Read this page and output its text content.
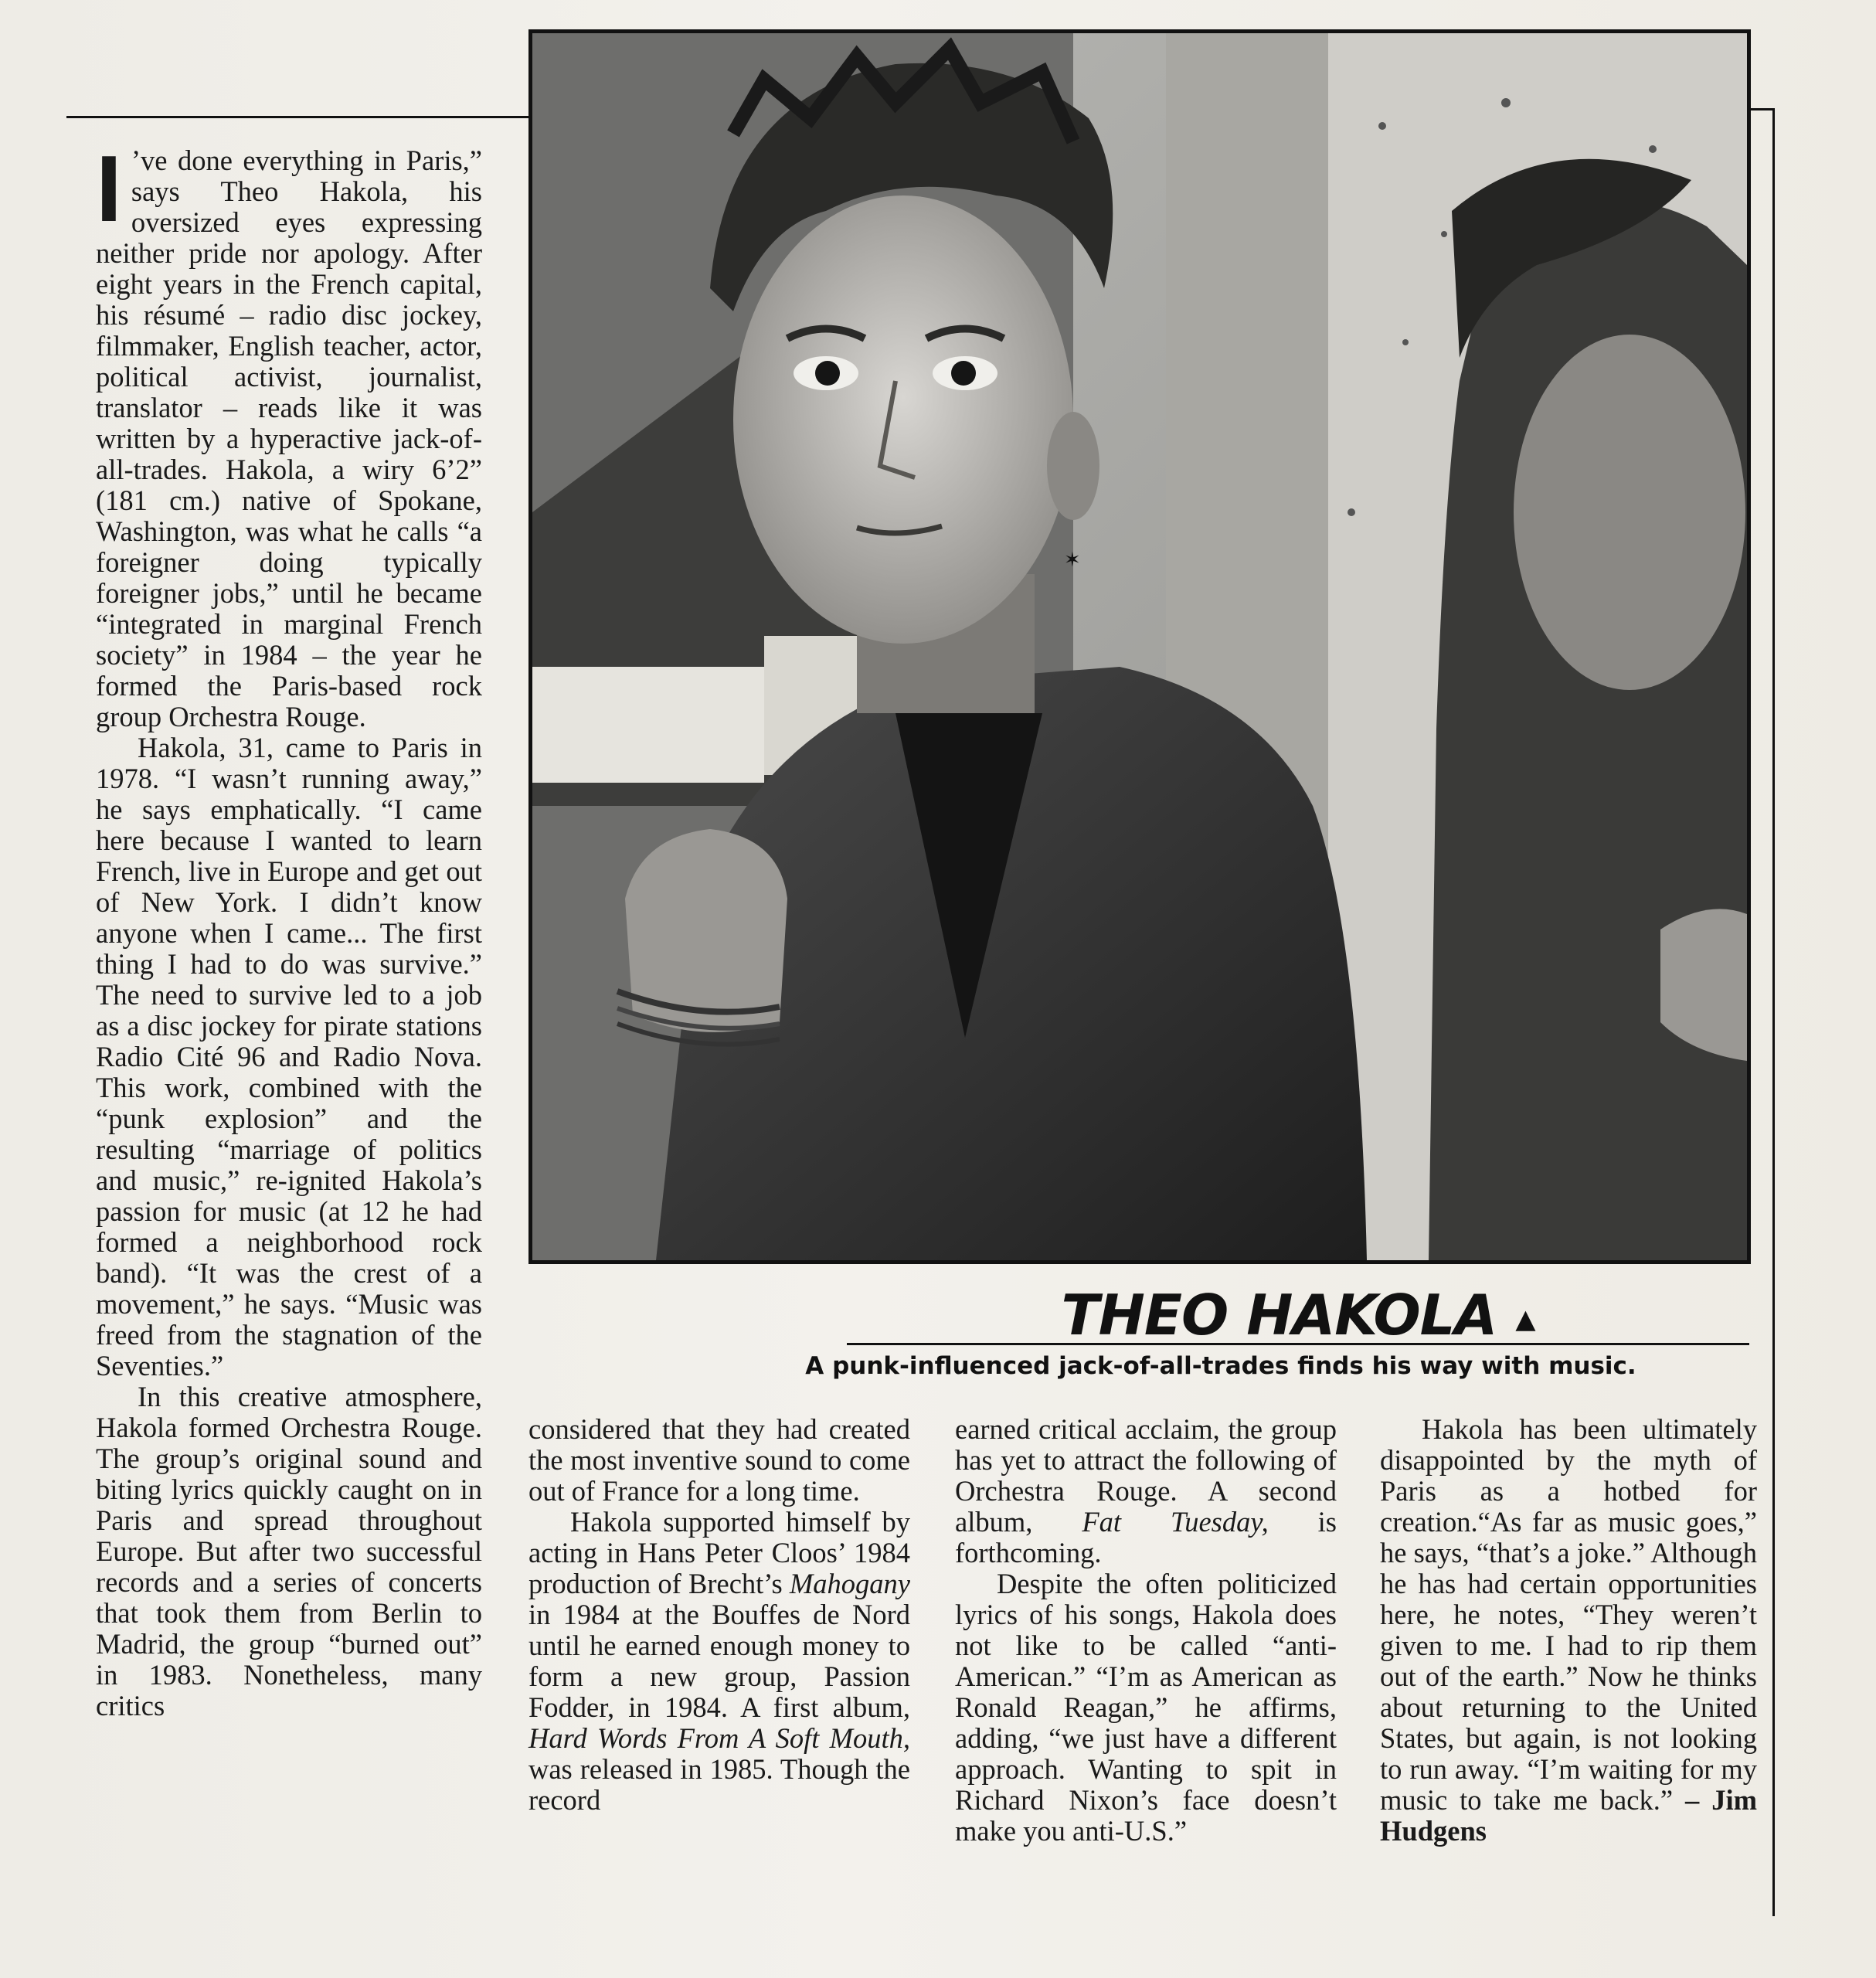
✶
THEO HAKOLA ▲

A punk-influenced jack-of-all-trades finds his way with music.

I ’ve done everything in Paris,” says Theo Hakola, his oversized eyes expressing neither pride nor apology. After eight years in the French capital, his résumé – radio disc jockey, filmmaker, English teacher, actor, political activist, journalist, translator – reads like it was written by a hyperactive jack-of-all-trades. Hakola, a wiry 6’2” (181 cm.) native of Spokane, Washington, was what he calls “a foreigner doing typically foreigner jobs,” until he became “integrated in marginal French society” in 1984 – the year he formed the Paris-based rock group Orchestra Rouge.

Hakola, 31, came to Paris in 1978. “I wasn’t running away,” he says emphatically. “I came here because I wanted to learn French, live in Europe and get out of New York. I didn’t know anyone when I came... The first thing I had to do was survive.” The need to survive led to a job as a disc jockey for pirate stations Radio Cité 96 and Radio Nova. This work, combined with the “punk explosion” and the resulting “marriage of politics and music,” re-ignited Hakola’s passion for music (at 12 he had formed a neighborhood rock band). “It was the crest of a movement,” he says. “Music was freed from the stagnation of the Seventies.”

In this creative atmosphere, Hakola formed Orchestra Rouge. The group’s original sound and biting lyrics quickly caught on in Paris and spread throughout Europe. But after two successful records and a series of concerts that took them from Berlin to Madrid, the group “burned out” in 1983. Nonetheless, many critics

considered that they had created the most inventive sound to come out of France for a long time.

Hakola supported himself by acting in Hans Peter Cloos’ 1984 production of Brecht’s Mahogany in 1984 at the Bouffes de Nord until he earned enough money to form a new group, Passion Fodder, in 1984. A first album, Hard Words From A Soft Mouth, was released in 1985. Though the record

earned critical acclaim, the group has yet to attract the following of Orchestra Rouge. A second album, Fat Tuesday, is forthcoming.

Despite the often politicized lyrics of his songs, Hakola does not like to be called “anti-American.” “I’m as American as Ronald Reagan,” he affirms, adding, “we just have a different approach. Wanting to spit in Richard Nixon’s face doesn’t make you anti-U.S.”

Hakola has been ultimately disappointed by the myth of Paris as a hotbed for creation.“As far as music goes,” he says, “that’s a joke.” Although he has had certain opportunities here, he notes, “They weren’t given to me. I had to rip them out of the earth.” Now he thinks about returning to the United States, but again, is not looking to run away. “I’m waiting for my music to take me back.” – Jim Hudgens
